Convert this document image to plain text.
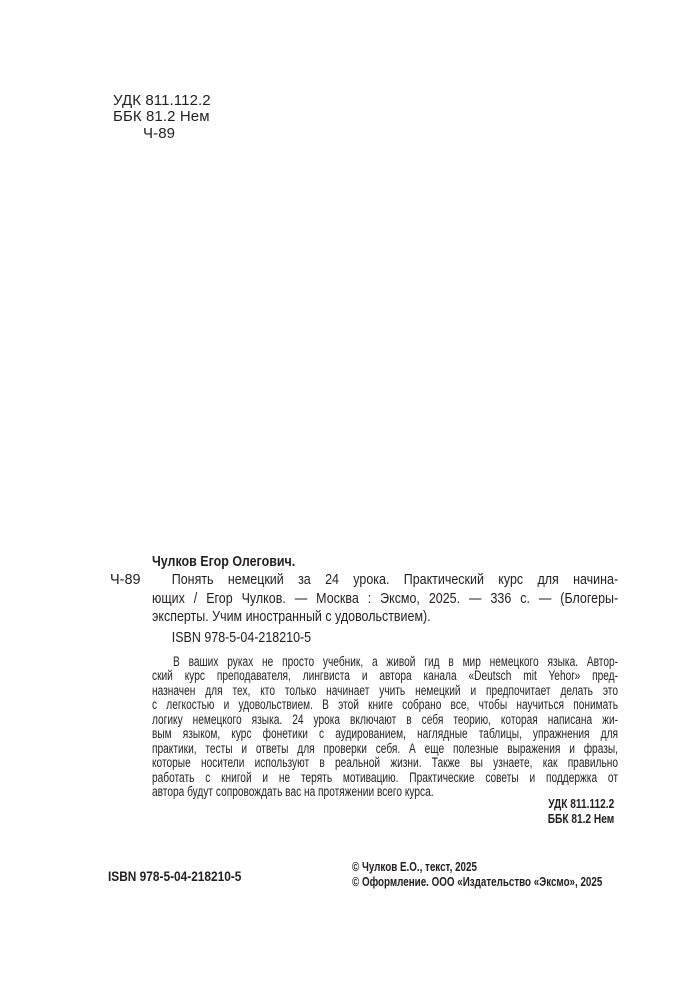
УДК 811.112.2
ББК 81.2 Нем
Ч-89
Ч-89
Чулков Егор Олегович.
Понять немецкий за 24 урока. Практический курс для начина-
ющих / Егор Чулков. — Москва : Эксмо, 2025. — 336 с. — (Блогеры-
эксперты. Учим иностранный с удовольствием).
ISBN 978-5-04-218210-5
В ваших руках не просто учебник, а живой гид в мир немецкого языка. Автор-
ский курс преподавателя, лингвиста и автора канала «Deutsch mit Yehor» пред-
назначен для тех, кто только начинает учить немецкий и предпочитает делать это
с легкостью и удовольствием. В этой книге собрано все, чтобы научиться понимать
логику немецкого языка. 24 урока включают в себя теорию, которая написана жи-
вым языком, курс фонетики с аудированием, наглядные таблицы, упражнения для
практики, тесты и ответы для проверки себя. А еще полезные выражения и фразы,
которые носители используют в реальной жизни. Также вы узнаете, как правильно
работать с книгой и не терять мотивацию. Практические советы и поддержка от
автора будут сопровождать вас на протяжении всего курса.
УДК 811.112.2
ББК 81.2 Нем
ISBN 978-5-04-218210-5
© Чулков Е.О., текст, 2025
© Оформление. ООО «Издательство «Эксмо», 2025
